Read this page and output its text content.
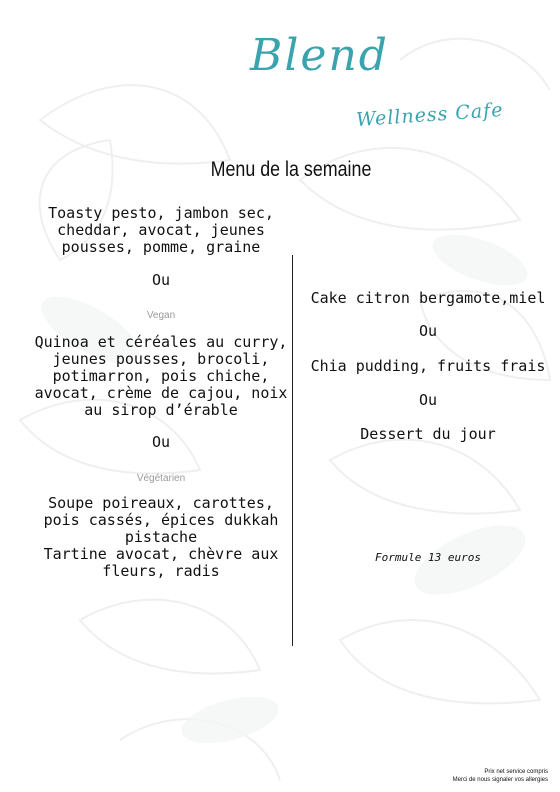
Blend
Wellness Cafe
Menu de la semaine
Toasty pesto, jambon sec,
cheddar, avocat, jeunes
pousses, pomme, graine
Ou
Vegan
Quinoa et céréales au curry,
jeunes pousses, brocoli,
potimarron, pois chiche,
avocat, crème de cajou, noix
au sirop d’érable
Ou
Végétarien
Soupe poireaux, carottes,
pois cassés, épices dukkah
pistache
Tartine avocat, chèvre aux
fleurs, radis
Cake citron bergamote,miel
Ou
Chia pudding, fruits frais
Ou
Dessert du jour
Formule 13 euros
Prix net service compris
Merci de nous signaler vos allergies
